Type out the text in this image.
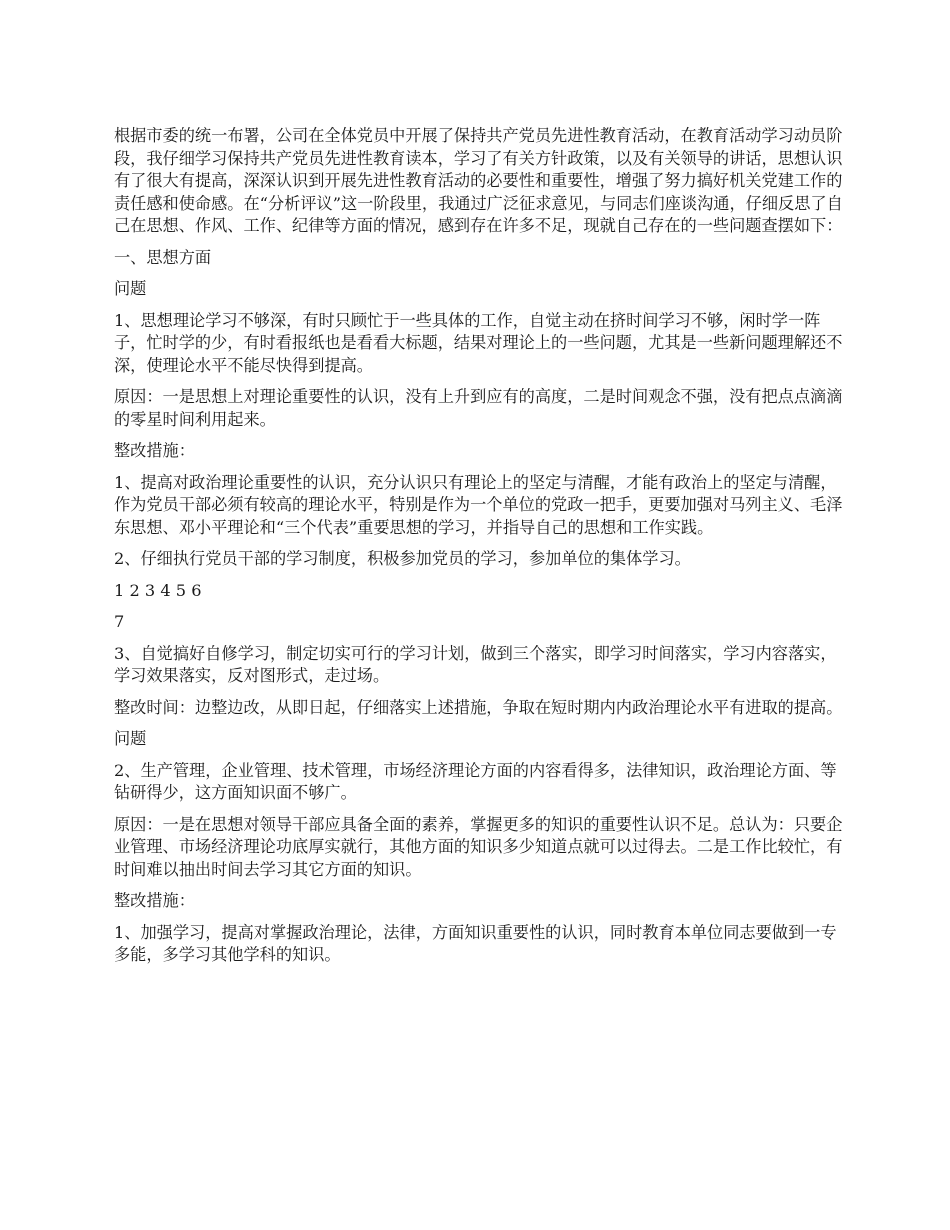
根据市委的统一布署，公司在全体党员中开展了保持共产党员先进性教育活动，在教育活动学习动员阶段，我仔细学习保持共产党员先进性教育读本，学习了有关方针政策，以及有关领导的讲话，思想认识有了很大有提高，深深认识到开展先进性教育活动的必要性和重要性，增强了努力搞好机关党建工作的责任感和使命感。在“分析评议”这一阶段里，我通过广泛征求意见，与同志们座谈沟通，仔细反思了自己在思想、作风、工作、纪律等方面的情况，感到存在许多不足，现就自己存在的一些问题查摆如下：

一、思想方面

问题

1、思想理论学习不够深，有时只顾忙于一些具体的工作，自觉主动在挤时间学习不够，闲时学一阵子，忙时学的少，有时看报纸也是看看大标题，结果对理论上的一些问题，尤其是一些新问题理解还不深，使理论水平不能尽快得到提高。

原因：一是思想上对理论重要性的认识，没有上升到应有的高度，二是时间观念不强，没有把点点滴滴的零星时间利用起来。

整改措施：

1、提高对政治理论重要性的认识，充分认识只有理论上的坚定与清醒，才能有政治上的坚定与清醒，作为党员干部必须有较高的理论水平，特别是作为一个单位的党政一把手，更要加强对马列主义、毛泽东思想、邓小平理论和“三个代表”重要思想的学习，并指导自己的思想和工作实践。

2、仔细执行党员干部的学习制度，积极参加党员的学习，参加单位的集体学习。

1 2 3 4 5 6

7

3、自觉搞好自修学习，制定切实可行的学习计划，做到三个落实，即学习时间落实，学习内容落实，学习效果落实，反对图形式，走过场。

整改时间：边整边改，从即日起，仔细落实上述措施，争取在短时期内内政治理论水平有进取的提高。

问题

2、生产管理，企业管理、技术管理，市场经济理论方面的内容看得多，法律知识，政治理论方面、等钻研得少，这方面知识面不够广。

原因：一是在思想对领导干部应具备全面的素养，掌握更多的知识的重要性认识不足。总认为：只要企业管理、市场经济理论功底厚实就行，其他方面的知识多少知道点就可以过得去。二是工作比较忙，有时间难以抽出时间去学习其它方面的知识。

整改措施：

1、加强学习，提高对掌握政治理论，法律，方面知识重要性的认识，同时教育本单位同志要做到一专多能，多学习其他学科的知识。
